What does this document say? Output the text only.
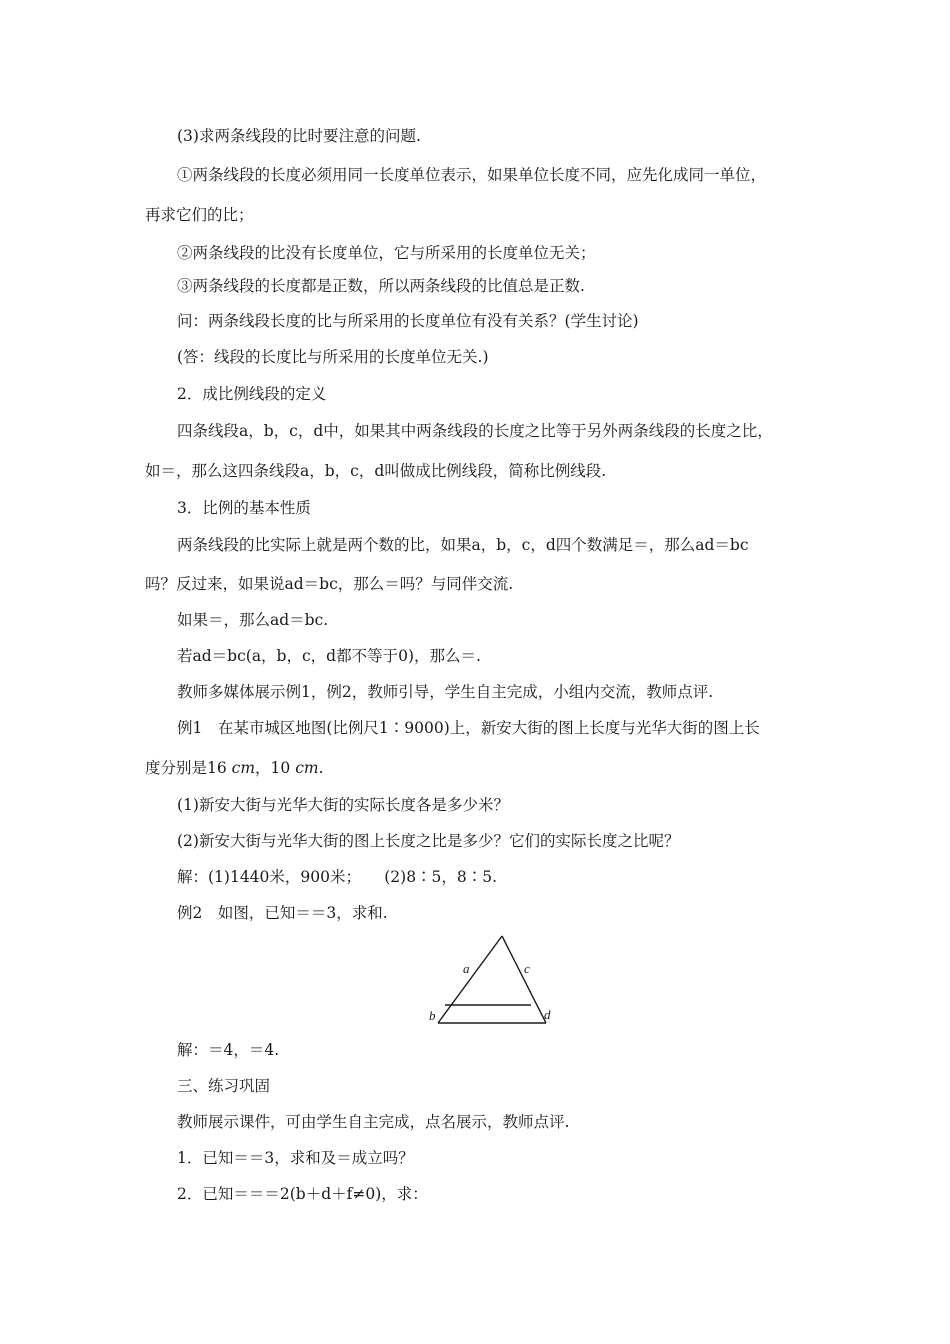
(3)求两条线段的比时要注意的问题.
①两条线段的长度必须用同一长度单位表示，如果单位长度不同，应先化成同一单位，
再求它们的比；
②两条线段的比没有长度单位，它与所采用的长度单位无关；
③两条线段的长度都是正数，所以两条线段的比值总是正数.
问：两条线段长度的比与所采用的长度单位有没有关系？(学生讨论)
(答：线段的长度比与所采用的长度单位无关.)
2．成比例线段的定义
四条线段a，b，c，d中，如果其中两条线段的长度之比等于另外两条线段的长度之比，
如＝，那么这四条线段a，b，c，d叫做成比例线段，简称比例线段.
3．比例的基本性质
两条线段的比实际上就是两个数的比，如果a，b，c，d四个数满足＝，那么ad＝bc
吗？反过来，如果说ad＝bc，那么＝吗？与同伴交流.
如果＝，那么ad＝bc.
若ad＝bc(a，b，c，d都不等于0)，那么＝.
教师多媒体展示例1，例2，教师引导，学生自主完成，小组内交流，教师点评.
例1　在某市城区地图(比例尺1∶9000)上，新安大街的图上长度与光华大街的图上长
度分别是16 cm，10 cm.
(1)新安大街与光华大街的实际长度各是多少米？
(2)新安大街与光华大街的图上长度之比是多少？它们的实际长度之比呢？
解：(1)1440米，900米；　　(2)8∶5，8∶5.
例2　如图，已知＝＝3，求和.
a	c
b	d
解：＝4，＝4.
三、练习巩固
教师展示课件，可由学生自主完成，点名展示，教师点评.
1．已知＝＝3，求和及＝成立吗？
2．已知＝＝＝2(b＋d＋f≠0)，求：
